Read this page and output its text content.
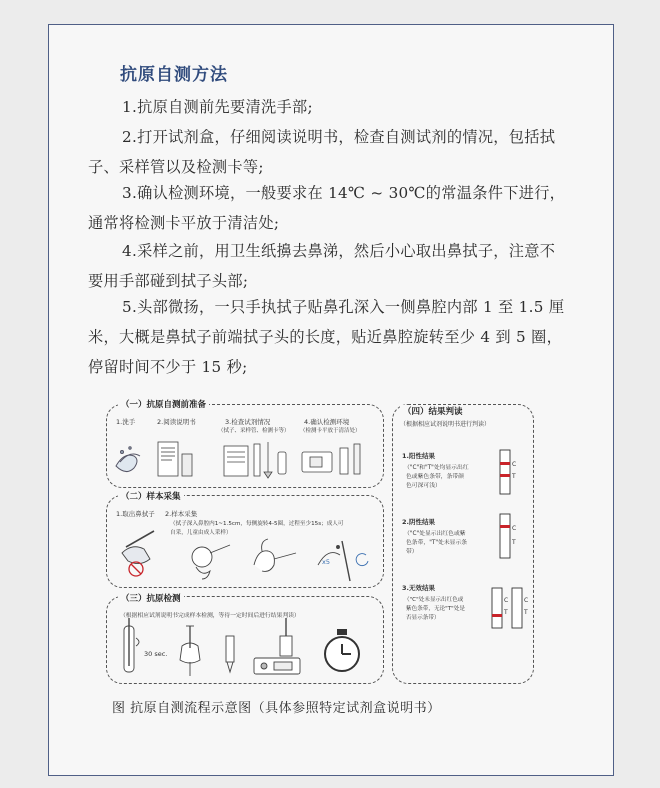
抗原自测方法
1.抗原自测前先要清洗手部;
2.打开试剂盒，仔细阅读说明书，检查自测试剂的情况，包括拭
子、采样管以及检测卡等;
3.确认检测环境，一般要求在 14℃ ~ 30℃的常温条件下进行，
通常将检测卡平放于清洁处;
4.采样之前，用卫生纸擤去鼻涕，然后小心取出鼻拭子，注意不
要用手部碰到拭子头部;
5.头部微扬，一只手执拭子贴鼻孔深入一侧鼻腔内部 1 至 1.5 厘
米，大概是鼻拭子前端拭子头的长度，贴近鼻腔旋转至少 4 到 5 圈，
停留时间不少于 15 秒;
（一）抗原自测前准备
1.洗手	2.阅读说明书	3.检查试剂情况
（拭子、采样管、检测卡等）
4.确认检测环境
（检测卡平放于清洁处）
（二）样本采集
1.取出鼻拭子 2.样本采集
（拭子深入鼻腔内1~1.5cm，每侧旋转4-5圈，过程至少15s；成人可
自采，儿童由成人采样）
x5
（三）抗原检测
（根据相应试剂说明书完成样本检测，等待一定时间后进行结果判读）
30 sec.
（四）结果判读
（根据相应试剂说明书进行判读）
1.阳性结果
（"C"和"T"处均显示出红
色或紫色条带，条带颜
色可深可浅）
2.阴性结果
（"C"处显示出红色或紫
色条带，"T"处未显示条
带）
3.无效结果
（"C"处未显示出红色或
紫色条带，无论"T"处是
否显示条带）
C
T
C
T
C
T
C
T
图 抗原自测流程示意图（具体参照特定试剂盒说明书）
